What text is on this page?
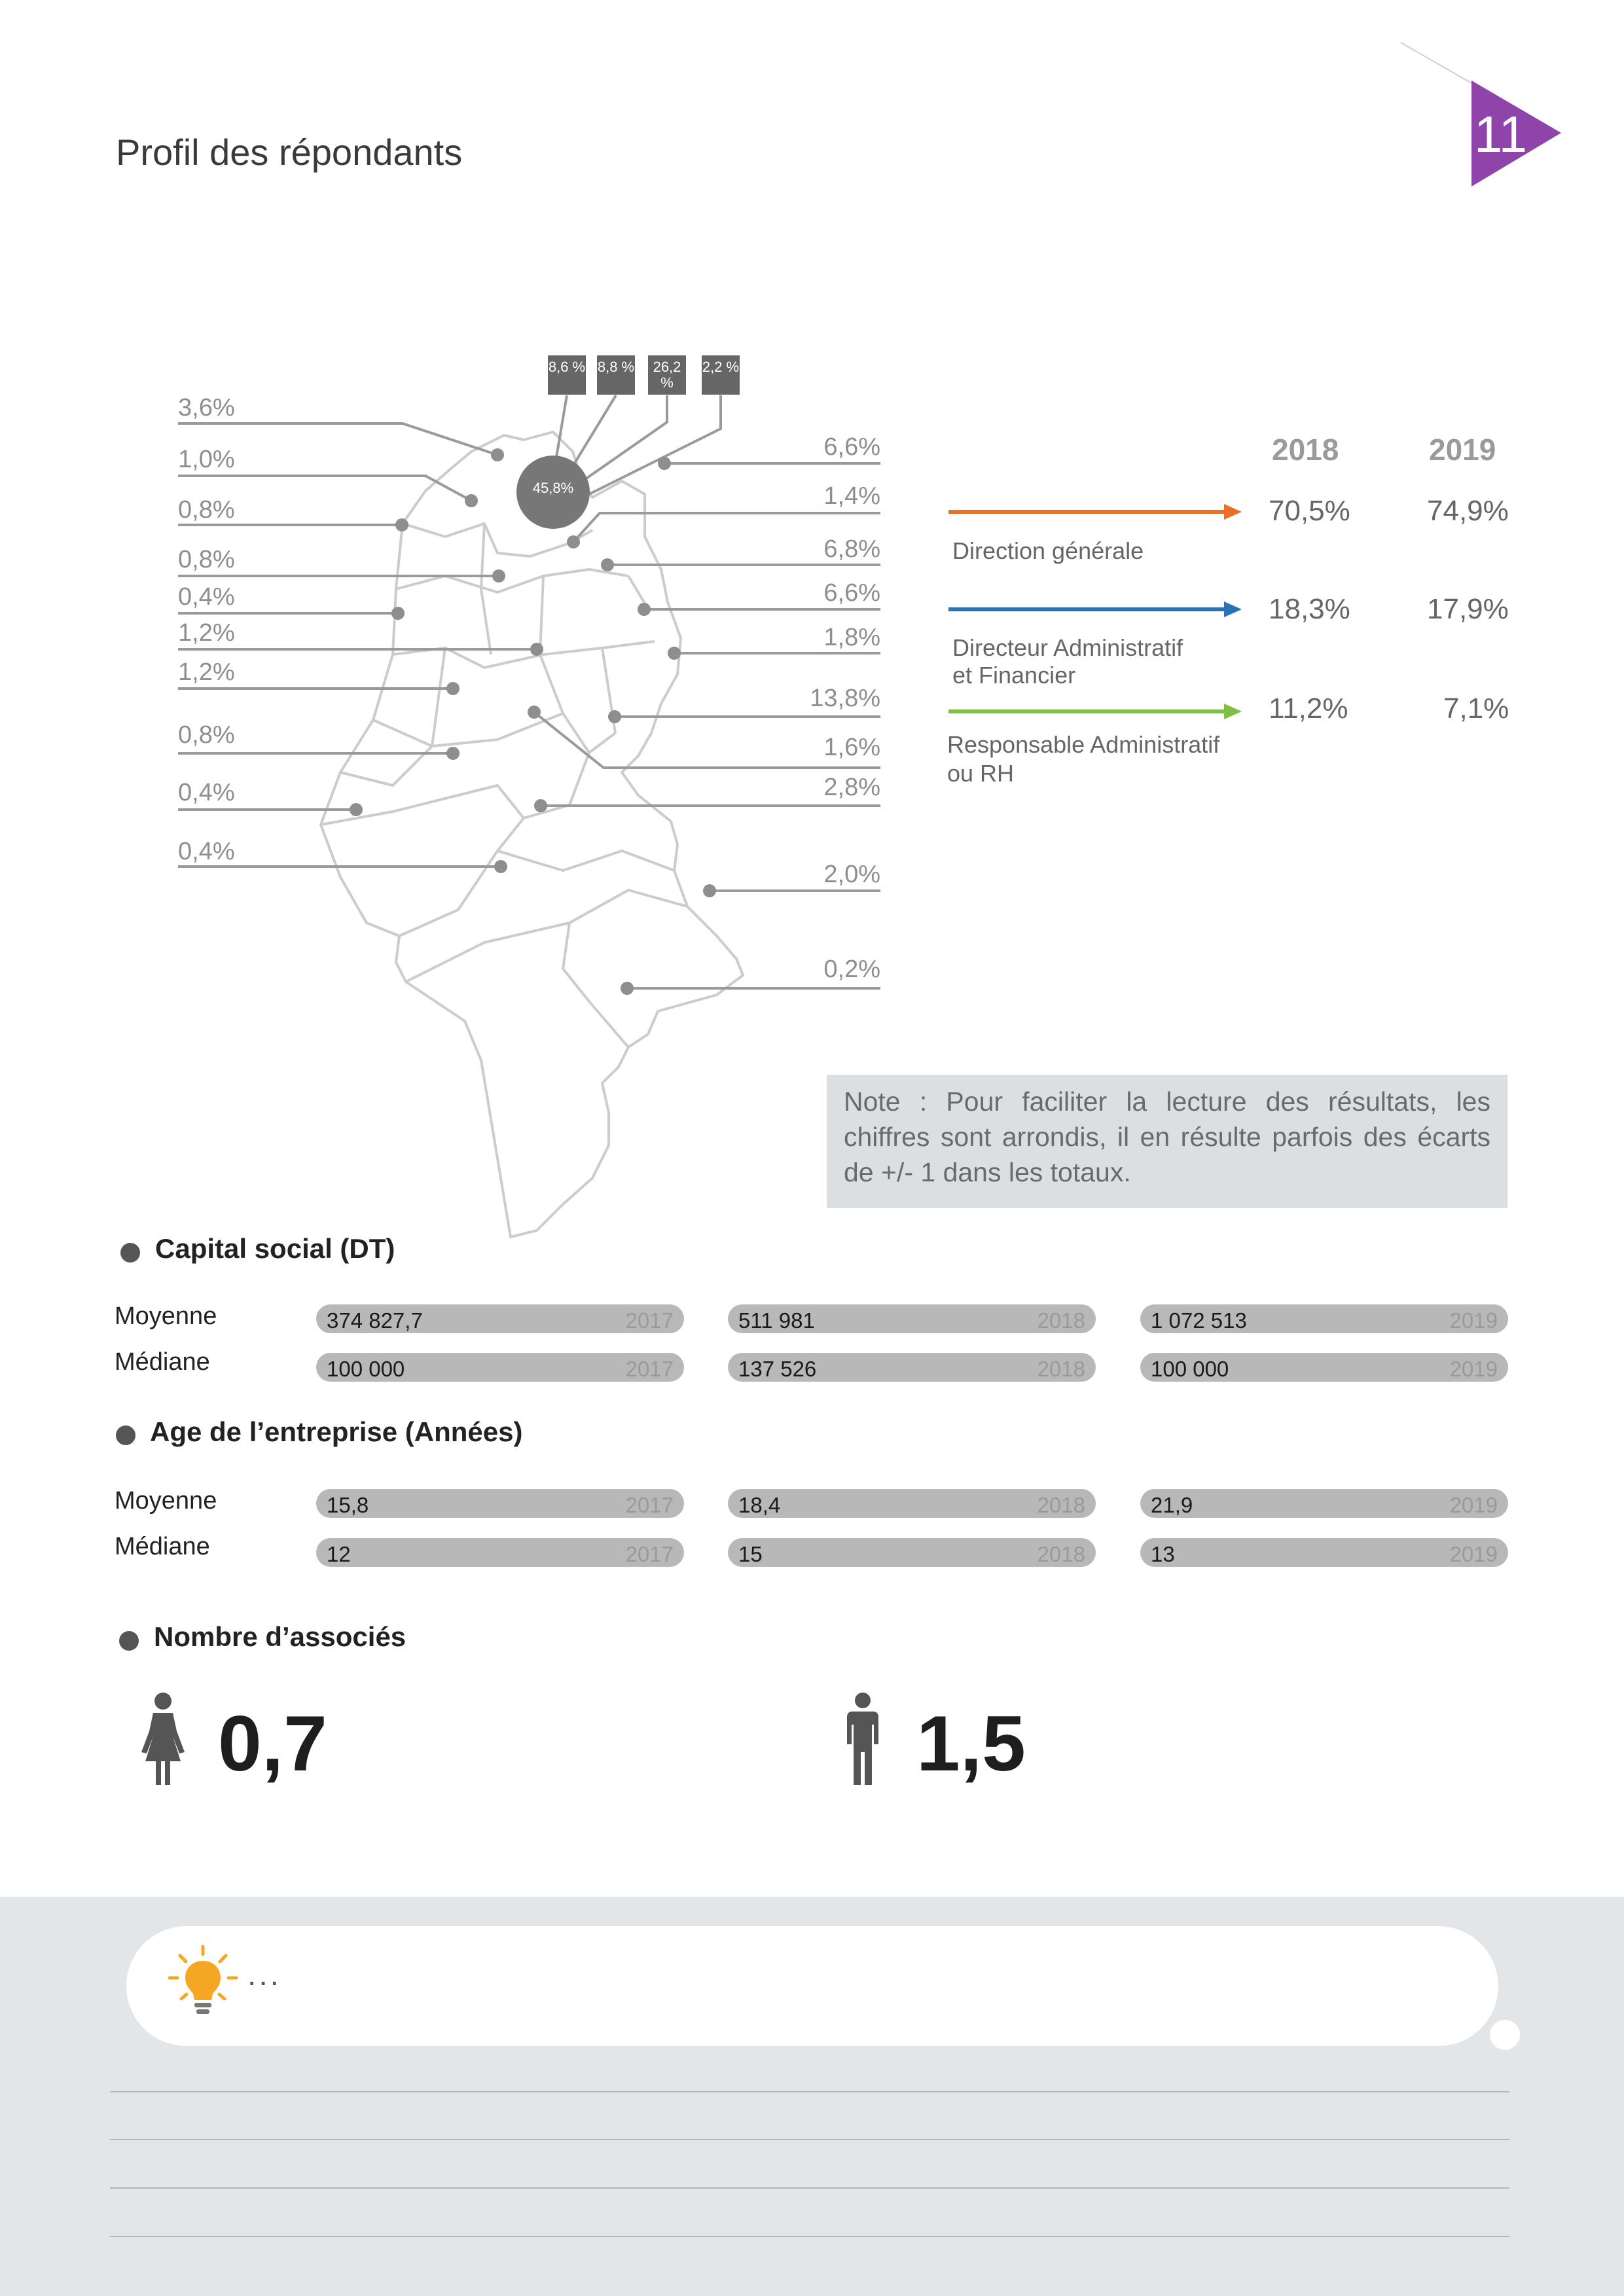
Profil des répondants	11
45,8%
8,6 % 8,8 %	26,2 %
2,2 %
3,6%
1,0%
0,8%
0,8%
0,4%
1,2%
1,2%
0,8%
0,4%
0,4%
6,6%
1,4%
6,8%
6,6%
1,8%
13,8%
1,6%
2,8%
2,0%
0,2%
2018	2019
70,5%	74,9%
Direction générale
18,3%	17,9%
Directeur Administratif
et Financier
11,2%	7,1%
Responsable Administratif
ou RH
Note : Pour faciliter la lecture des résultats, les chiffres sont arrondis, il en résulte parfois des écarts de +/- 1 dans les totaux.
Capital social (DT)
Moyenne	374 827,7	2017	511 981	2018	1 072 513	2019
Médiane	100 000	2017	137 526	2018	100 000	2019
Age de l’entreprise (Années)
Moyenne	15,8	2017	18,4	2018	21,9	2019
Médiane	12	2017	15	2018	13	2019
Nombre d’associés
0,7	1,5
...
